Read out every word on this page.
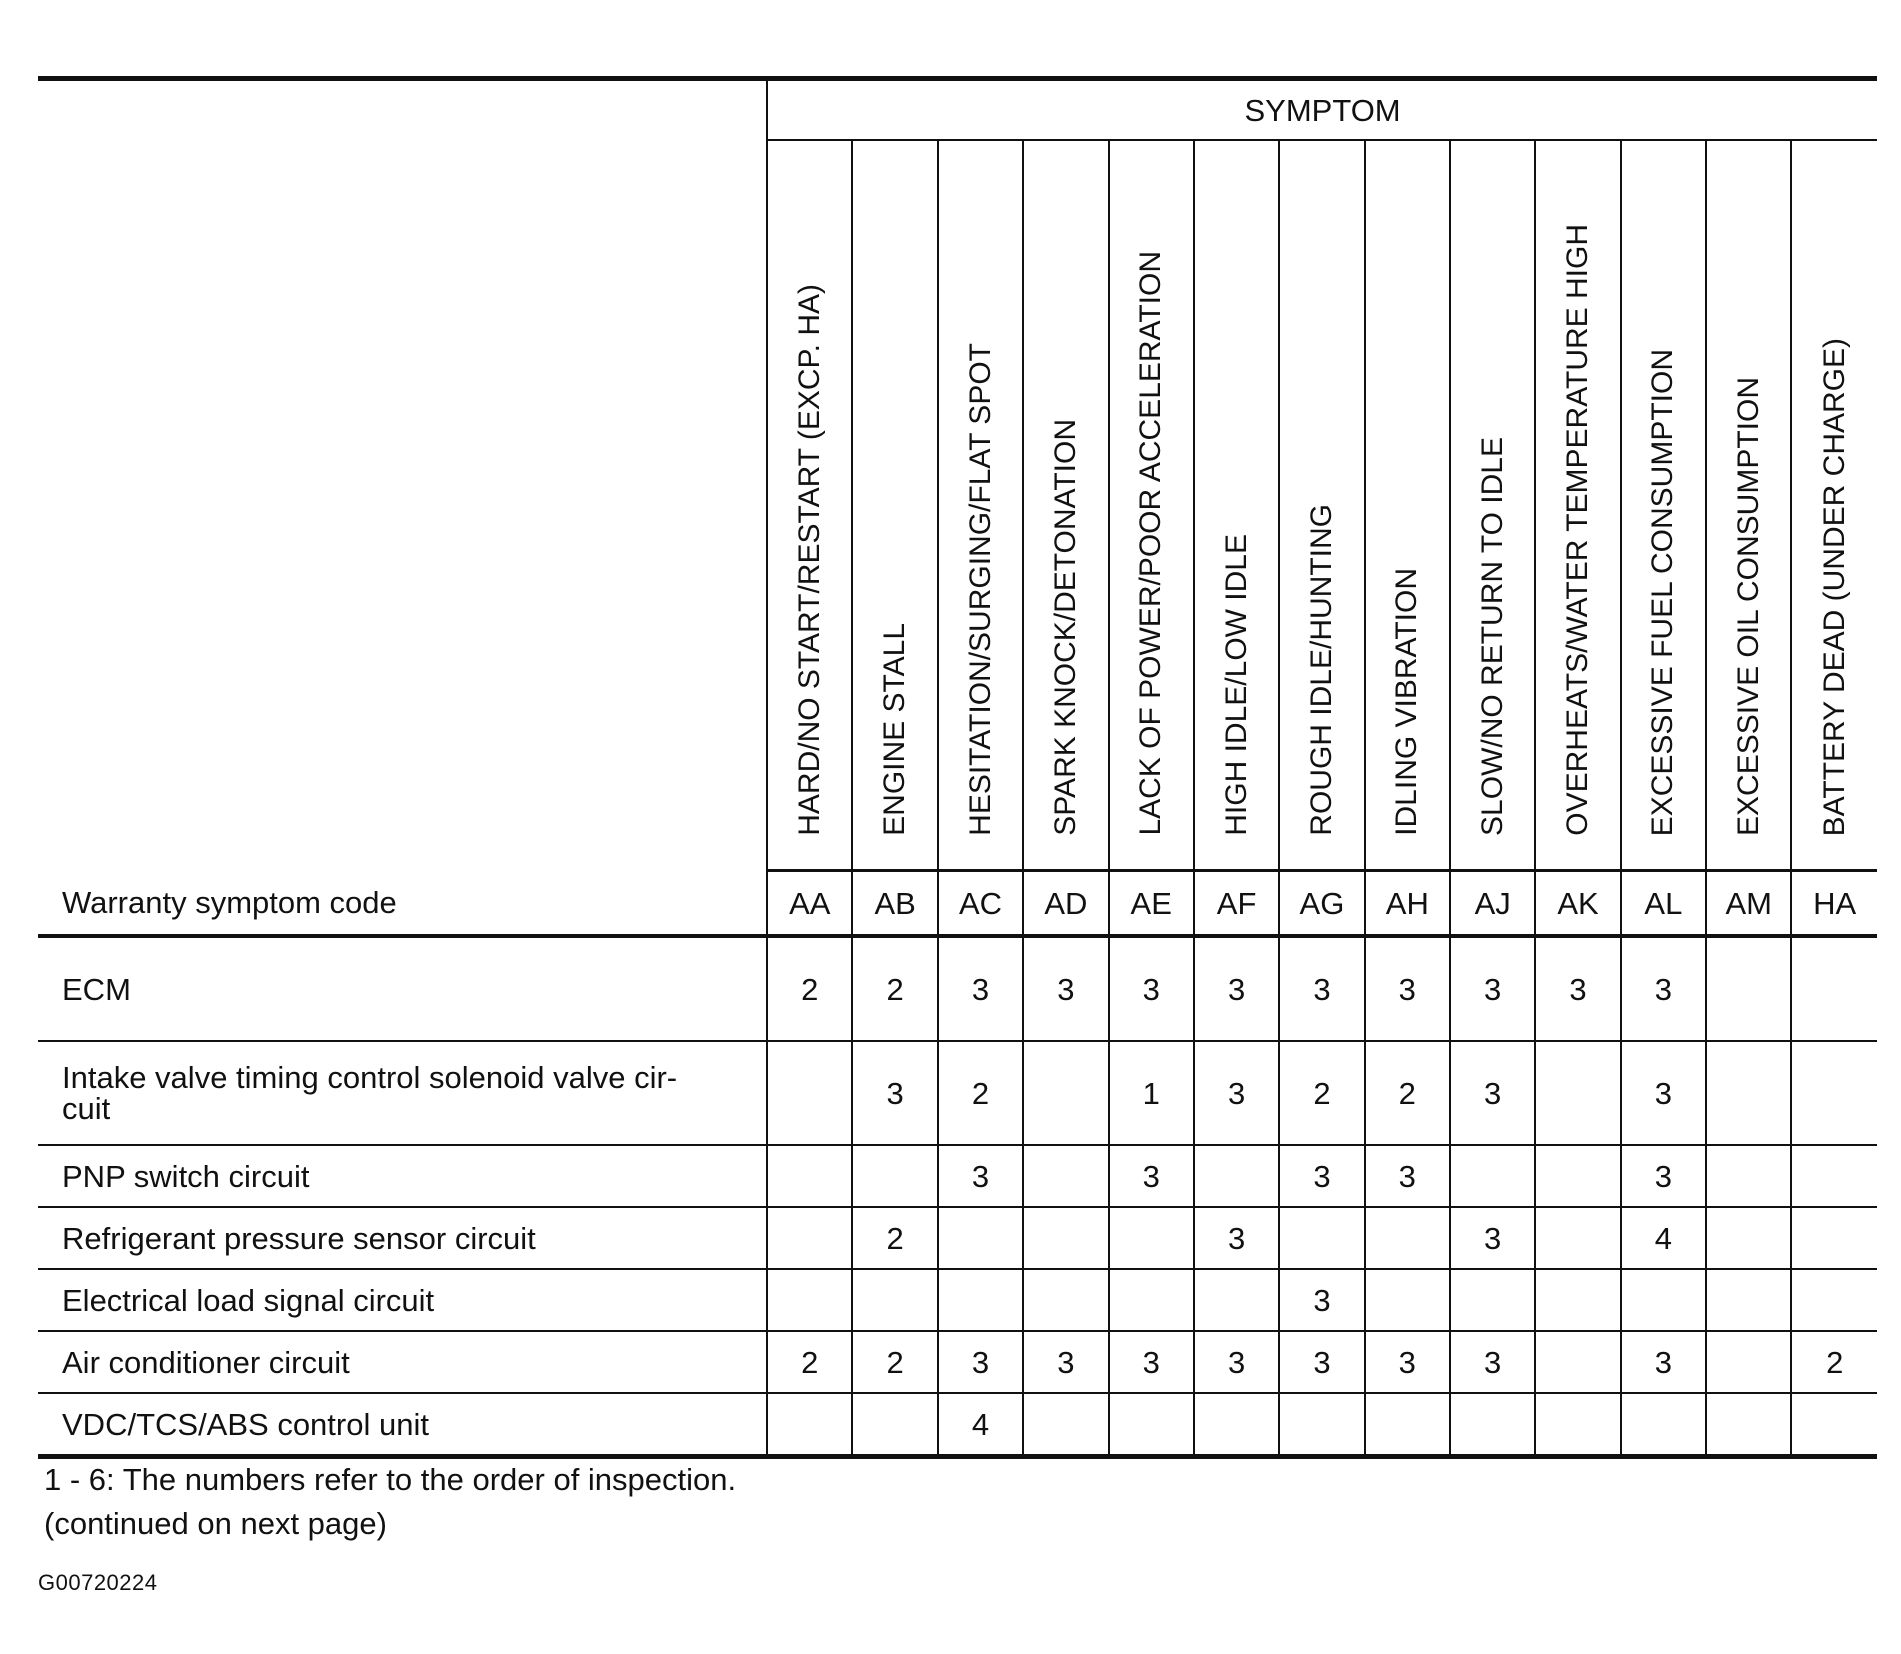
	SYMPTOM												
	HARD/NO START/RESTART (EXCP. HA)	ENGINE STALL	HESITATION/SURGING/FLAT SPOT	SPARK KNOCK/DETONATION	LACK OF POWER/POOR ACCELERATION	HIGH IDLE/LOW IDLE	ROUGH IDLE/HUNTING	IDLING VIBRATION	SLOW/NO RETURN TO IDLE	OVERHEATS/WATER TEMPERATURE HIGH	EXCESSIVE FUEL CONSUMPTION	EXCESSIVE OIL CONSUMPTION	BATTERY DEAD (UNDER CHARGE)
Warranty symptom code	AA	AB	AC	AD	AE	AF	AG	AH	AJ	AK	AL	AM	HA
ECM	2	2	3	3	3	3	3	3	3	3	3		
Intake valve timing control solenoid valve cir-
cuit		3	2		1	3	2	2	3		3		
PNP switch circuit			3		3		3	3			3		
Refrigerant pressure sensor circuit		2				3			3		4		
Electrical load signal circuit							3						
Air conditioner circuit	2	2	3	3	3	3	3	3	3		3		2
VDC/TCS/ABS control unit			4										
1 - 6: The numbers refer to the order of inspection.
(continued on next page)
G00720224
